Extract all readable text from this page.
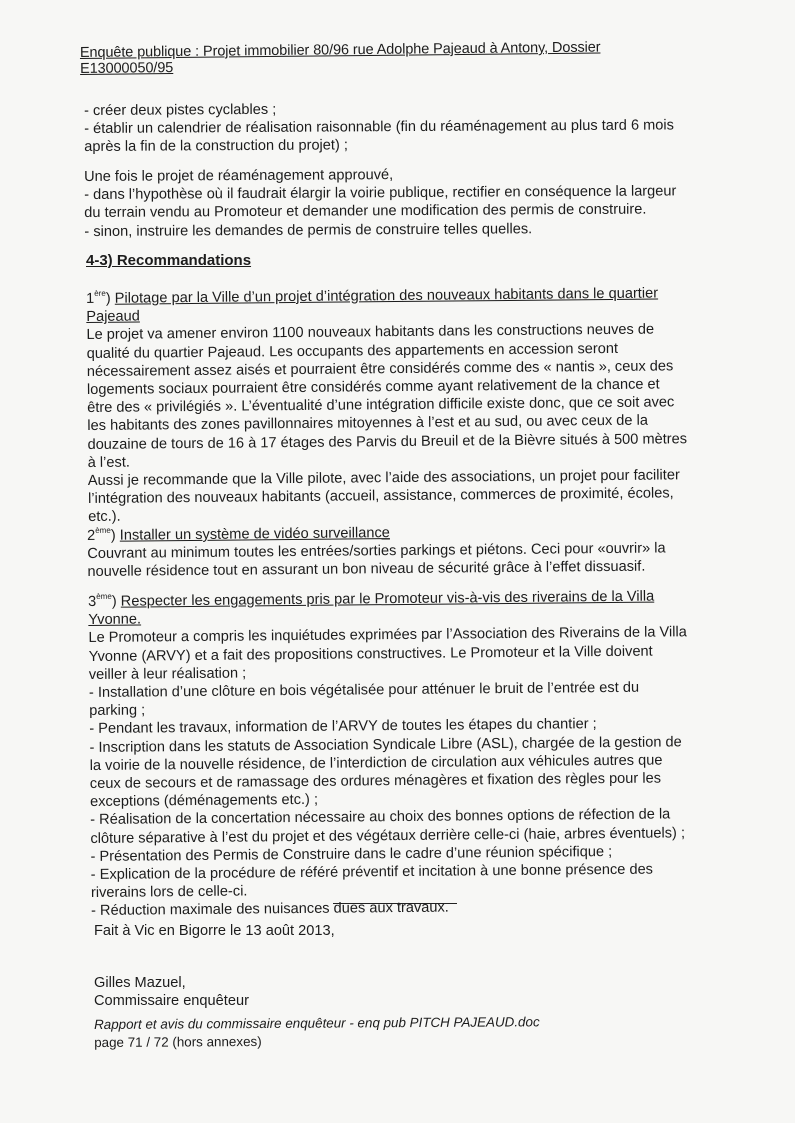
Enquête publique : Projet immobilier 80/96 rue Adolphe Pajeaud à Antony, Dossier E13000050/95
- créer deux pistes cyclables ;
- établir un calendrier de réalisation raisonnable (fin du réaménagement au plus tard 6 mois
après la fin de la construction du projet) ;
Une fois le projet de réaménagement approuvé,
- dans l’hypothèse où il faudrait élargir la voirie publique, rectifier en conséquence la largeur
du terrain vendu au Promoteur et demander une modification des permis de construire.
- sinon, instruire les demandes de permis de construire telles quelles.
4-3) Recommandations
1ère) Pilotage par la Ville d’un projet d’intégration des nouveaux habitants dans le quartier
Pajeaud
Le projet va amener environ 1100 nouveaux habitants dans les constructions neuves de
qualité du quartier Pajeaud. Les occupants des appartements en accession seront
nécessairement assez aisés et pourraient être considérés comme des « nantis », ceux des
logements sociaux pourraient être considérés comme ayant relativement de la chance et
être des « privilégiés ». L’éventualité d’une intégration difficile existe donc, que ce soit avec
les habitants des zones pavillonnaires mitoyennes à l’est et au sud, ou avec ceux de la
douzaine de tours de 16 à 17 étages des Parvis du Breuil et de la Bièvre situés à 500 mètres
à l’est.
Aussi je recommande que la Ville pilote, avec l’aide des associations, un projet pour faciliter
l’intégration des nouveaux habitants (accueil, assistance, commerces de proximité, écoles,
etc.).
2ème) Installer un système de vidéo surveillance
Couvrant au minimum toutes les entrées/sorties parkings et piétons. Ceci pour «ouvrir» la
nouvelle résidence tout en assurant un bon niveau de sécurité grâce à l’effet dissuasif.
3ème) Respecter les engagements pris par le Promoteur vis-à-vis des riverains de la Villa
Yvonne.
Le Promoteur a compris les inquiétudes exprimées par l’Association des Riverains de la Villa
Yvonne (ARVY) et a fait des propositions constructives. Le Promoteur et la Ville doivent
veiller à leur réalisation ;
- Installation d’une clôture en bois végétalisée pour atténuer le bruit de l’entrée est du
parking ;
- Pendant les travaux, information de l’ARVY de toutes les étapes du chantier ;
- Inscription dans les statuts de Association Syndicale Libre (ASL), chargée de la gestion de
la voirie de la nouvelle résidence, de l’interdiction de circulation aux véhicules autres que
ceux de secours et de ramassage des ordures ménagères et fixation des règles pour les
exceptions (déménagements etc.) ;
- Réalisation de la concertation nécessaire au choix des bonnes options de réfection de la
clôture séparative à l’est du projet et des végétaux derrière celle-ci (haie, arbres éventuels) ;
- Présentation des Permis de Construire dans le cadre d’une réunion spécifique ;
- Explication de la procédure de référé préventif et incitation à une bonne présence des
riverains lors de celle-ci.
- Réduction maximale des nuisances dues aux travaux.
Fait à Vic en Bigorre le 13 août 2013,
Gilles Mazuel,
Commissaire enquêteur
Rapport et avis du commissaire enquêteur - enq pub PITCH PAJEAUD.doc
page 71 / 72 (hors annexes)
